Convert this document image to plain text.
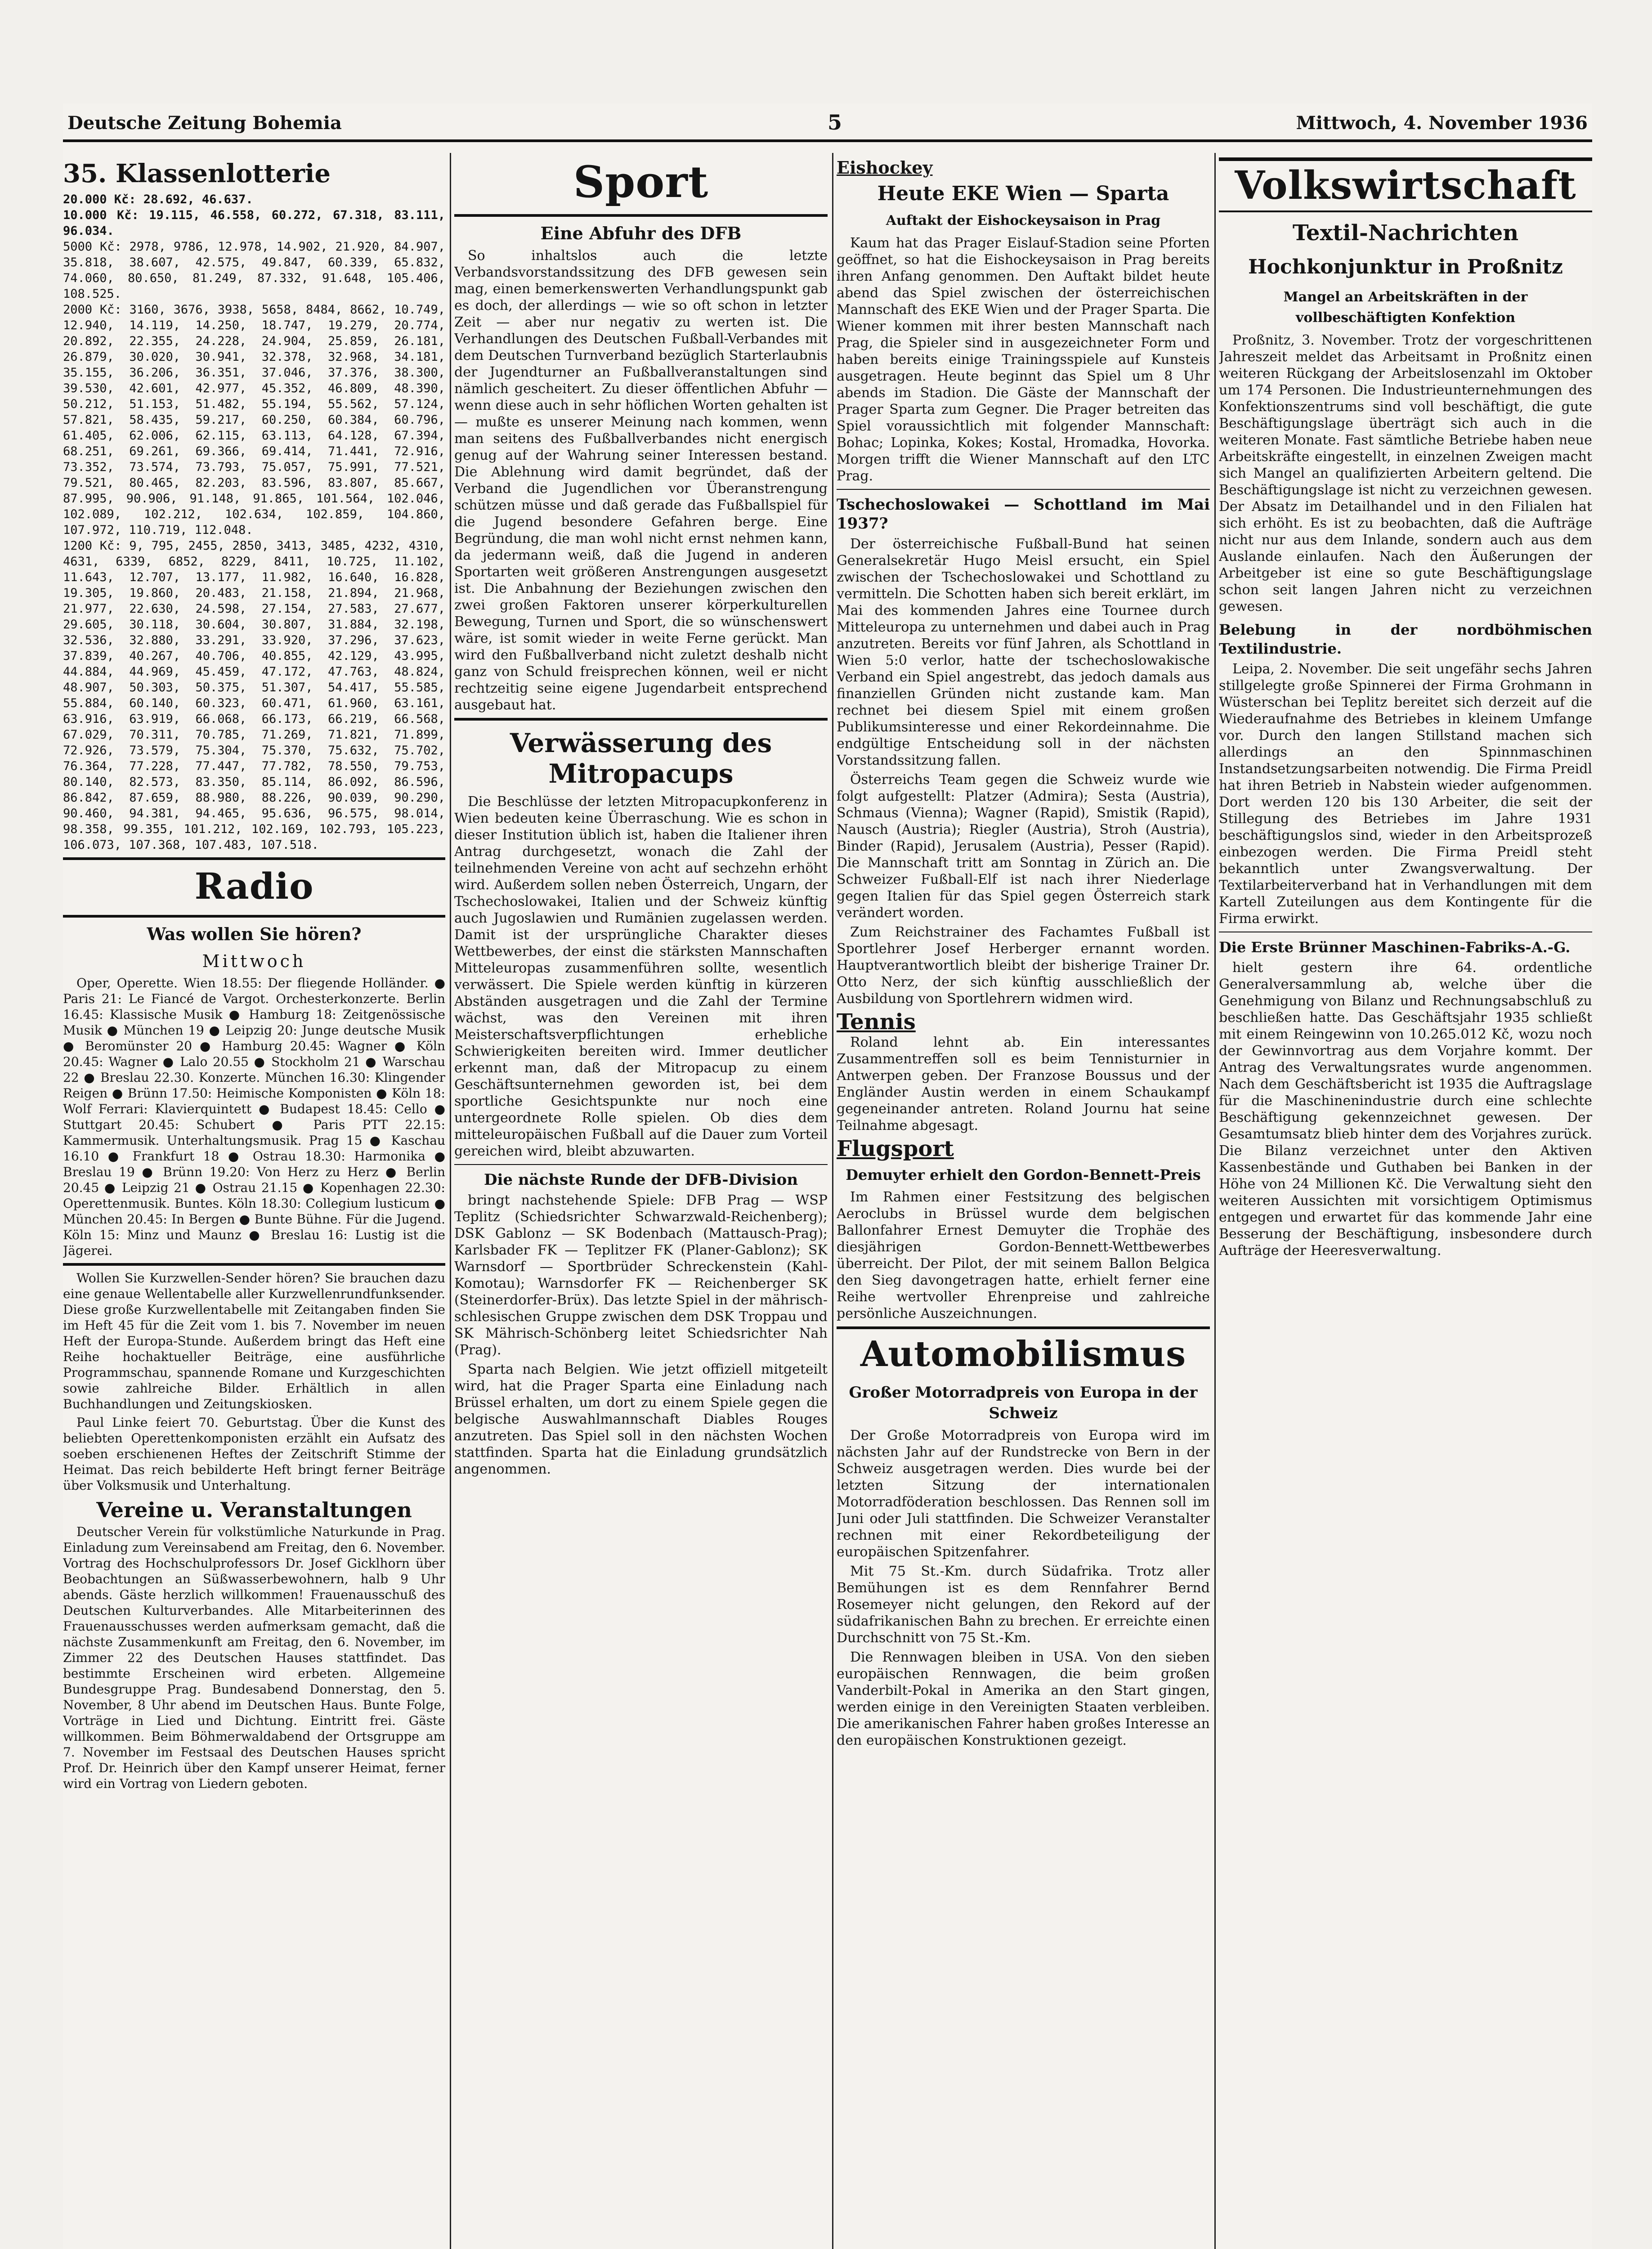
Deutsche Zeitung Bohemia	5	Mittwoch, 4. November 1936
35. Klassenlotterie
20.000 Kč: 28.692, 46.637.
10.000 Kč: 19.115, 46.558, 60.272, 67.318, 83.111, 96.034.
5000 Kč: 2978, 9786, 12.978, 14.902, 21.920, 84.907, 35.818, 38.607, 42.575, 49.847, 60.339, 65.832, 74.060, 80.650, 81.249, 87.332, 91.648, 105.406, 108.525.
2000 Kč: 3160, 3676, 3938, 5658, 8484, 8662, 10.749, 12.940, 14.119, 14.250, 18.747, 19.279, 20.774, 20.892, 22.355, 24.228, 24.904, 25.859, 26.181, 26.879, 30.020, 30.941, 32.378, 32.968, 34.181, 35.155, 36.206, 36.351, 37.046, 37.376, 38.300, 39.530, 42.601, 42.977, 45.352, 46.809, 48.390, 50.212, 51.153, 51.482, 55.194, 55.562, 57.124, 57.821, 58.435, 59.217, 60.250, 60.384, 60.796, 61.405, 62.006, 62.115, 63.113, 64.128, 67.394, 68.251, 69.261, 69.366, 69.414, 71.441, 72.916, 73.352, 73.574, 73.793, 75.057, 75.991, 77.521, 79.521, 80.465, 82.203, 83.596, 83.807, 85.667, 87.995, 90.906, 91.148, 91.865, 101.564, 102.046, 102.089, 102.212, 102.634, 102.859, 104.860, 107.972, 110.719, 112.048.
1200 Kč: 9, 795, 2455, 2850, 3413, 3485, 4232, 4310, 4631, 6339, 6852, 8229, 8411, 10.725, 11.102, 11.643, 12.707, 13.177, 11.982, 16.640, 16.828, 19.305, 19.860, 20.483, 21.158, 21.894, 21.968, 21.977, 22.630, 24.598, 27.154, 27.583, 27.677, 29.605, 30.118, 30.604, 30.807, 31.884, 32.198, 32.536, 32.880, 33.291, 33.920, 37.296, 37.623, 37.839, 40.267, 40.706, 40.855, 42.129, 43.995, 44.884, 44.969, 45.459, 47.172, 47.763, 48.824, 48.907, 50.303, 50.375, 51.307, 54.417, 55.585, 55.884, 60.140, 60.323, 60.471, 61.960, 63.161, 63.916, 63.919, 66.068, 66.173, 66.219, 66.568, 67.029, 70.311, 70.785, 71.269, 71.821, 71.899, 72.926, 73.579, 75.304, 75.370, 75.632, 75.702, 76.364, 77.228, 77.447, 77.782, 78.550, 79.753, 80.140, 82.573, 83.350, 85.114, 86.092, 86.596, 86.842, 87.659, 88.980, 88.226, 90.039, 90.290, 90.460, 94.381, 94.465, 95.636, 96.575, 98.014, 98.358, 99.355, 101.212, 102.169, 102.793, 105.223, 106.073, 107.368, 107.483, 107.518.
Radio
Was wollen Sie hören?
Mittwoch

Oper, Operette. Wien 18.55: Der fliegende Holländer. ● Paris 21: Le Fiancé de Vargot. Orchesterkonzerte. Berlin 16.45: Klassische Musik ● Hamburg 18: Zeitgenössische Musik ● München 19 ● Leipzig 20: Junge deutsche Musik ● Beromünster 20 ● Hamburg 20.45: Wagner ● Köln 20.45: Wagner ● Lalo 20.55 ● Stockholm 21 ● Warschau 22 ● Breslau 22.30. Konzerte. München 16.30: Klingender Reigen ● Brünn 17.50: Heimische Komponisten ● Köln 18: Wolf Ferrari: Klavierquintett ● Budapest 18.45: Cello ● Stuttgart 20.45: Schubert ● Paris PTT 22.15: Kammermusik. Unterhaltungsmusik. Prag 15 ● Kaschau 16.10 ● Frankfurt 18 ● Ostrau 18.30: Harmonika ● Breslau 19 ● Brünn 19.20: Von Herz zu Herz ● Berlin 20.45 ● Leipzig 21 ● Ostrau 21.15 ● Kopenhagen 22.30: Operettenmusik. Buntes. Köln 18.30: Collegium lusticum ● München 20.45: In Bergen ● Bunte Bühne. Für die Jugend. Köln 15: Minz und Maunz ● Breslau 16: Lustig ist die Jägerei.

Wollen Sie Kurzwellen-Sender hören? Sie brauchen dazu eine genaue Wellentabelle aller Kurzwellenrundfunksender. Diese große Kurzwellentabelle mit Zeitangaben finden Sie im Heft 45 für die Zeit vom 1. bis 7. November im neuen Heft der Europa-Stunde. Außerdem bringt das Heft eine Reihe hochaktueller Beiträge, eine ausführliche Programmschau, spannende Romane und Kurzgeschichten sowie zahlreiche Bilder. Erhältlich in allen Buchhandlungen und Zeitungskiosken.

Paul Linke feiert 70. Geburtstag. Über die Kunst des beliebten Operettenkomponisten erzählt ein Aufsatz des soeben erschienenen Heftes der Zeitschrift Stimme der Heimat. Das reich bebilderte Heft bringt ferner Beiträge über Volksmusik und Unterhaltung.

Vereine u. Veranstaltungen

Deutscher Verein für volkstümliche Naturkunde in Prag. Einladung zum Vereinsabend am Freitag, den 6. November. Vortrag des Hochschulprofessors Dr. Josef Gicklhorn über Beobachtungen an Süßwasserbewohnern, halb 9 Uhr abends. Gäste herzlich willkommen! Frauenausschuß des Deutschen Kulturverbandes. Alle Mitarbeiterinnen des Frauenausschusses werden aufmerksam gemacht, daß die nächste Zusammenkunft am Freitag, den 6. November, im Zimmer 22 des Deutschen Hauses stattfindet. Das bestimmte Erscheinen wird erbeten. Allgemeine Bundesgruppe Prag. Bundesabend Donnerstag, den 5. November, 8 Uhr abend im Deutschen Haus. Bunte Folge, Vorträge in Lied und Dichtung. Eintritt frei. Gäste willkommen. Beim Böhmerwaldabend der Ortsgruppe am 7. November im Festsaal des Deutschen Hauses spricht Prof. Dr. Heinrich über den Kampf unserer Heimat, ferner wird ein Vortrag von Liedern geboten.

Sport
Eine Abfuhr des DFB

So inhaltslos auch die letzte Verbandsvorstandssitzung des DFB gewesen sein mag, einen bemerkenswerten Verhandlungspunkt gab es doch, der allerdings — wie so oft schon in letzter Zeit — aber nur negativ zu werten ist. Die Verhandlungen des Deutschen Fußball-Verbandes mit dem Deutschen Turnverband bezüglich Starterlaubnis der Jugendturner an Fußballveranstaltungen sind nämlich gescheitert. Zu dieser öffentlichen Abfuhr — wenn diese auch in sehr höflichen Worten gehalten ist — mußte es unserer Meinung nach kommen, wenn man seitens des Fußballverbandes nicht energisch genug auf der Wahrung seiner Interessen bestand. Die Ablehnung wird damit begründet, daß der Verband die Jugendlichen vor Überanstrengung schützen müsse und daß gerade das Fußballspiel für die Jugend besondere Gefahren berge. Eine Begründung, die man wohl nicht ernst nehmen kann, da jedermann weiß, daß die Jugend in anderen Sportarten weit größeren Anstrengungen ausgesetzt ist. Die Anbahnung der Beziehungen zwischen den zwei großen Faktoren unserer körperkulturellen Bewegung, Turnen und Sport, die so wünschenswert wäre, ist somit wieder in weite Ferne gerückt. Man wird den Fußballverband nicht zuletzt deshalb nicht ganz von Schuld freisprechen können, weil er nicht rechtzeitig seine eigene Jugendarbeit entsprechend ausgebaut hat.

Verwässerung des Mitropacups

Die Beschlüsse der letzten Mitropacupkonferenz in Wien bedeuten keine Überraschung. Wie es schon in dieser Institution üblich ist, haben die Italiener ihren Antrag durchgesetzt, wonach die Zahl der teilnehmenden Vereine von acht auf sechzehn erhöht wird. Außerdem sollen neben Österreich, Ungarn, der Tschechoslowakei, Italien und der Schweiz künftig auch Jugoslawien und Rumänien zugelassen werden. Damit ist der ursprüngliche Charakter dieses Wettbewerbes, der einst die stärksten Mannschaften Mitteleuropas zusammenführen sollte, wesentlich verwässert. Die Spiele werden künftig in kürzeren Abständen ausgetragen und die Zahl der Termine wächst, was den Vereinen mit ihren Meisterschaftsverpflichtungen erhebliche Schwierigkeiten bereiten wird. Immer deutlicher erkennt man, daß der Mitropacup zu einem Geschäftsunternehmen geworden ist, bei dem sportliche Gesichtspunkte nur noch eine untergeordnete Rolle spielen. Ob dies dem mitteleuropäischen Fußball auf die Dauer zum Vorteil gereichen wird, bleibt abzuwarten.

Die nächste Runde der DFB-Division

bringt nachstehende Spiele: DFB Prag — WSP Teplitz (Schiedsrichter Schwarzwald-Reichenberg); DSK Gablonz — SK Bodenbach (Mattausch-Prag); Karlsbader FK — Teplitzer FK (Planer-Gablonz); SK Warnsdorf — Sportbrüder Schreckenstein (Kahl-Komotau); Warnsdorfer FK — Reichenberger SK (Steinerdorfer-Brüx). Das letzte Spiel in der mährisch-schlesischen Gruppe zwischen dem DSK Troppau und SK Mährisch-Schönberg leitet Schiedsrichter Nah (Prag).

Sparta nach Belgien. Wie jetzt offiziell mitgeteilt wird, hat die Prager Sparta eine Einladung nach Brüssel erhalten, um dort zu einem Spiele gegen die belgische Auswahlmannschaft Diables Rouges anzutreten. Das Spiel soll in den nächsten Wochen stattfinden. Sparta hat die Einladung grundsätzlich angenommen.

Eishockey
Heute EKE Wien — Sparta
Auftakt der Eishockeysaison in Prag

Kaum hat das Prager Eislauf-Stadion seine Pforten geöffnet, so hat die Eishockeysaison in Prag bereits ihren Anfang genommen. Den Auftakt bildet heute abend das Spiel zwischen der österreichischen Mannschaft des EKE Wien und der Prager Sparta. Die Wiener kommen mit ihrer besten Mannschaft nach Prag, die Spieler sind in ausgezeichneter Form und haben bereits einige Trainingsspiele auf Kunsteis ausgetragen. Heute beginnt das Spiel um 8 Uhr abends im Stadion. Die Gäste der Mannschaft der Prager Sparta zum Gegner. Die Prager betreiten das Spiel voraussichtlich mit folgender Mannschaft: Bohac; Lopinka, Kokes; Kostal, Hromadka, Hovorka. Morgen trifft die Wiener Mannschaft auf den LTC Prag.

Tschechoslowakei — Schottland im Mai 1937?

Der österreichische Fußball-Bund hat seinen Generalsekretär Hugo Meisl ersucht, ein Spiel zwischen der Tschechoslowakei und Schottland zu vermitteln. Die Schotten haben sich bereit erklärt, im Mai des kommenden Jahres eine Tournee durch Mitteleuropa zu unternehmen und dabei auch in Prag anzutreten. Bereits vor fünf Jahren, als Schottland in Wien 5:0 verlor, hatte der tschechoslowakische Verband ein Spiel angestrebt, das jedoch damals aus finanziellen Gründen nicht zustande kam. Man rechnet bei diesem Spiel mit einem großen Publikumsinteresse und einer Rekordeinnahme. Die endgültige Entscheidung soll in der nächsten Vorstandssitzung fallen.

Österreichs Team gegen die Schweiz wurde wie folgt aufgestellt: Platzer (Admira); Sesta (Austria), Schmaus (Vienna); Wagner (Rapid), Smistik (Rapid), Nausch (Austria); Riegler (Austria), Stroh (Austria), Binder (Rapid), Jerusalem (Austria), Pesser (Rapid). Die Mannschaft tritt am Sonntag in Zürich an. Die Schweizer Fußball-Elf ist nach ihrer Niederlage gegen Italien für das Spiel gegen Österreich stark verändert worden.

Zum Reichstrainer des Fachamtes Fußball ist Sportlehrer Josef Herberger ernannt worden. Hauptverantwortlich bleibt der bisherige Trainer Dr. Otto Nerz, der sich künftig ausschließlich der Ausbildung von Sportlehrern widmen wird.

Tennis

Roland lehnt ab. Ein interessantes Zusammentreffen soll es beim Tennisturnier in Antwerpen geben. Der Franzose Boussus und der Engländer Austin werden in einem Schaukampf gegeneinander antreten. Roland Journu hat seine Teilnahme abgesagt.

Flugsport
Demuyter erhielt den Gordon-Bennett-Preis

Im Rahmen einer Festsitzung des belgischen Aeroclubs in Brüssel wurde dem belgischen Ballonfahrer Ernest Demuyter die Trophäe des diesjährigen Gordon-Bennett-Wettbewerbes überreicht. Der Pilot, der mit seinem Ballon Belgica den Sieg davongetragen hatte, erhielt ferner eine Reihe wertvoller Ehrenpreise und zahlreiche persönliche Auszeichnungen.

Automobilismus
Großer Motorradpreis von Europa in der Schweiz

Der Große Motorradpreis von Europa wird im nächsten Jahr auf der Rundstrecke von Bern in der Schweiz ausgetragen werden. Dies wurde bei der letzten Sitzung der internationalen Motorradföderation beschlossen. Das Rennen soll im Juni oder Juli stattfinden. Die Schweizer Veranstalter rechnen mit einer Rekordbeteiligung der europäischen Spitzenfahrer.

Mit 75 St.-Km. durch Südafrika. Trotz aller Bemühungen ist es dem Rennfahrer Bernd Rosemeyer nicht gelungen, den Rekord auf der südafrikanischen Bahn zu brechen. Er erreichte einen Durchschnitt von 75 St.-Km.

Die Rennwagen bleiben in USA. Von den sieben europäischen Rennwagen, die beim großen Vanderbilt-Pokal in Amerika an den Start gingen, werden einige in den Vereinigten Staaten verbleiben. Die amerikanischen Fahrer haben großes Interesse an den europäischen Konstruktionen gezeigt.

Volkswirtschaft
Textil-Nachrichten
Hochkonjunktur in Proßnitz
Mangel an Arbeitskräften in der vollbeschäftigten Konfektion

Proßnitz, 3. November. Trotz der vorgeschrittenen Jahreszeit meldet das Arbeitsamt in Proßnitz einen weiteren Rückgang der Arbeitslosenzahl im Oktober um 174 Personen. Die Industrieunternehmungen des Konfektionszentrums sind voll beschäftigt, die gute Beschäftigungslage überträgt sich auch in die weiteren Monate. Fast sämtliche Betriebe haben neue Arbeitskräfte eingestellt, in einzelnen Zweigen macht sich Mangel an qualifizierten Arbeitern geltend. Die Beschäftigungslage ist nicht zu verzeichnen gewesen. Der Absatz im Detailhandel und in den Filialen hat sich erhöht. Es ist zu beobachten, daß die Aufträge nicht nur aus dem Inlande, sondern auch aus dem Auslande einlaufen. Nach den Äußerungen der Arbeitgeber ist eine so gute Beschäftigungslage schon seit langen Jahren nicht zu verzeichnen gewesen.

Belebung in der nordböhmischen Textilindustrie.

Leipa, 2. November. Die seit ungefähr sechs Jahren stillgelegte große Spinnerei der Firma Grohmann in Wüsterschan bei Teplitz bereitet sich derzeit auf die Wiederaufnahme des Betriebes in kleinem Umfange vor. Durch den langen Stillstand machen sich allerdings an den Spinnmaschinen Instandsetzungsarbeiten notwendig. Die Firma Preidl hat ihren Betrieb in Nabstein wieder aufgenommen. Dort werden 120 bis 130 Arbeiter, die seit der Stillegung des Betriebes im Jahre 1931 beschäftigungslos sind, wieder in den Arbeitsprozeß einbezogen werden. Die Firma Preidl steht bekanntlich unter Zwangsverwaltung. Der Textilarbeiterverband hat in Verhandlungen mit dem Kartell Zuteilungen aus dem Kontingente für die Firma erwirkt.

Die Erste Brünner Maschinen-Fabriks-A.-G.

hielt gestern ihre 64. ordentliche Generalversammlung ab, welche über die Genehmigung von Bilanz und Rechnungsabschluß zu beschließen hatte. Das Geschäftsjahr 1935 schließt mit einem Reingewinn von 10.265.012 Kč, wozu noch der Gewinnvortrag aus dem Vorjahre kommt. Der Antrag des Verwaltungsrates wurde angenommen. Nach dem Geschäftsbericht ist 1935 die Auftragslage für die Maschinenindustrie durch eine schlechte Beschäftigung gekennzeichnet gewesen. Der Gesamtumsatz blieb hinter dem des Vorjahres zurück. Die Bilanz verzeichnet unter den Aktiven Kassenbestände und Guthaben bei Banken in der Höhe von 24 Millionen Kč. Die Verwaltung sieht den weiteren Aussichten mit vorsichtigem Optimismus entgegen und erwartet für das kommende Jahr eine Besserung der Beschäftigung, insbesondere durch Aufträge der Heeresverwaltung.
